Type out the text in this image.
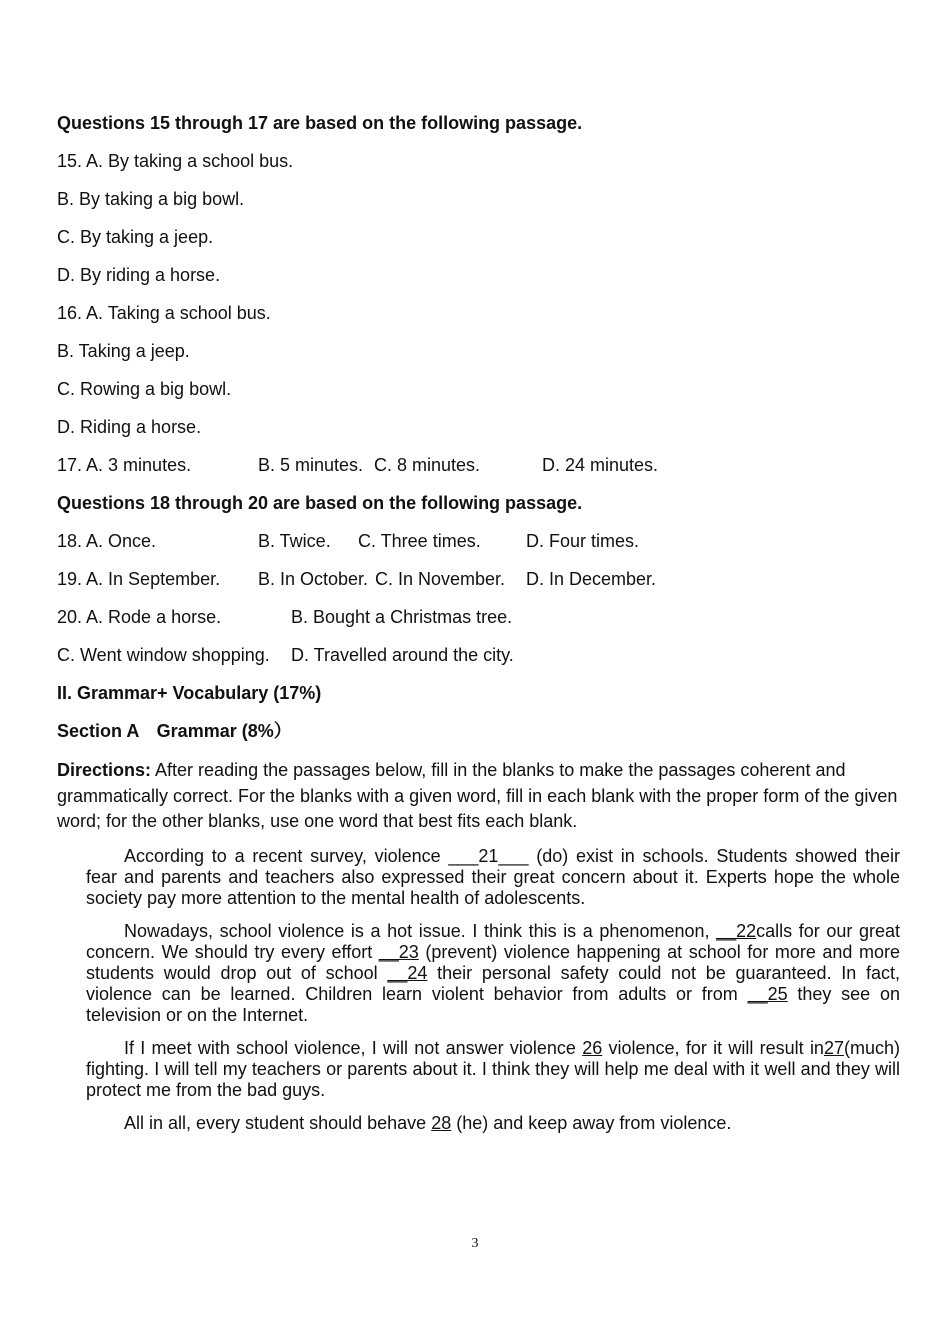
Questions 15 through 17 are based on the following passage.
15. A. By taking a school bus.
B. By taking a big bowl.
C. By taking a jeep.
D. By riding a horse.
16. A. Taking a school bus.
B. Taking a jeep.
C. Rowing a big bowl.
D. Riding a horse.
17. A. 3 minutes.	B. 5 minutes. C. 8 minutes.	D. 24 minutes.
Questions 18 through 20 are based on the following passage.
18. A. Once.	B. Twice. C. Three times.	D. Four times.
19. A. In September. B. In October. C. In November. D. In December.
20. A. Rode a horse.	B. Bought a Christmas tree.
C. Went window shopping. D. Travelled around the city.
II. Grammar+ Vocabulary (17%)
Section A　Grammar (8%）
Directions: After reading the passages below, fill in the blanks to make the passages coherent and grammatically correct. For the blanks with a given word, fill in each blank with the proper form of the given word; for the other blanks, use one word that best fits each blank.

According to a recent survey, violence ___21___ (do) exist in schools. Students showed their fear and parents and teachers also expressed their great concern about it. Experts hope the whole society pay more attention to the mental health of adolescents.

Nowadays, school violence is a hot issue. I think this is a phenomenon, __22calls for our great concern. We should try every effort __23 (prevent) violence happening at school for more and more students would drop out of school __24 their personal safety could not be guaranteed. In fact, violence can be learned. Children learn violent behavior from adults or from __25 they see on television or on the Internet.

If I meet with school violence, I will not answer violence 26 violence, for it will result in27(much) fighting. I will tell my teachers or parents about it. I think they will help me deal with it well and they will protect me from the bad guys.

All in all, every student should behave 28 (he) and keep away from violence.

3
